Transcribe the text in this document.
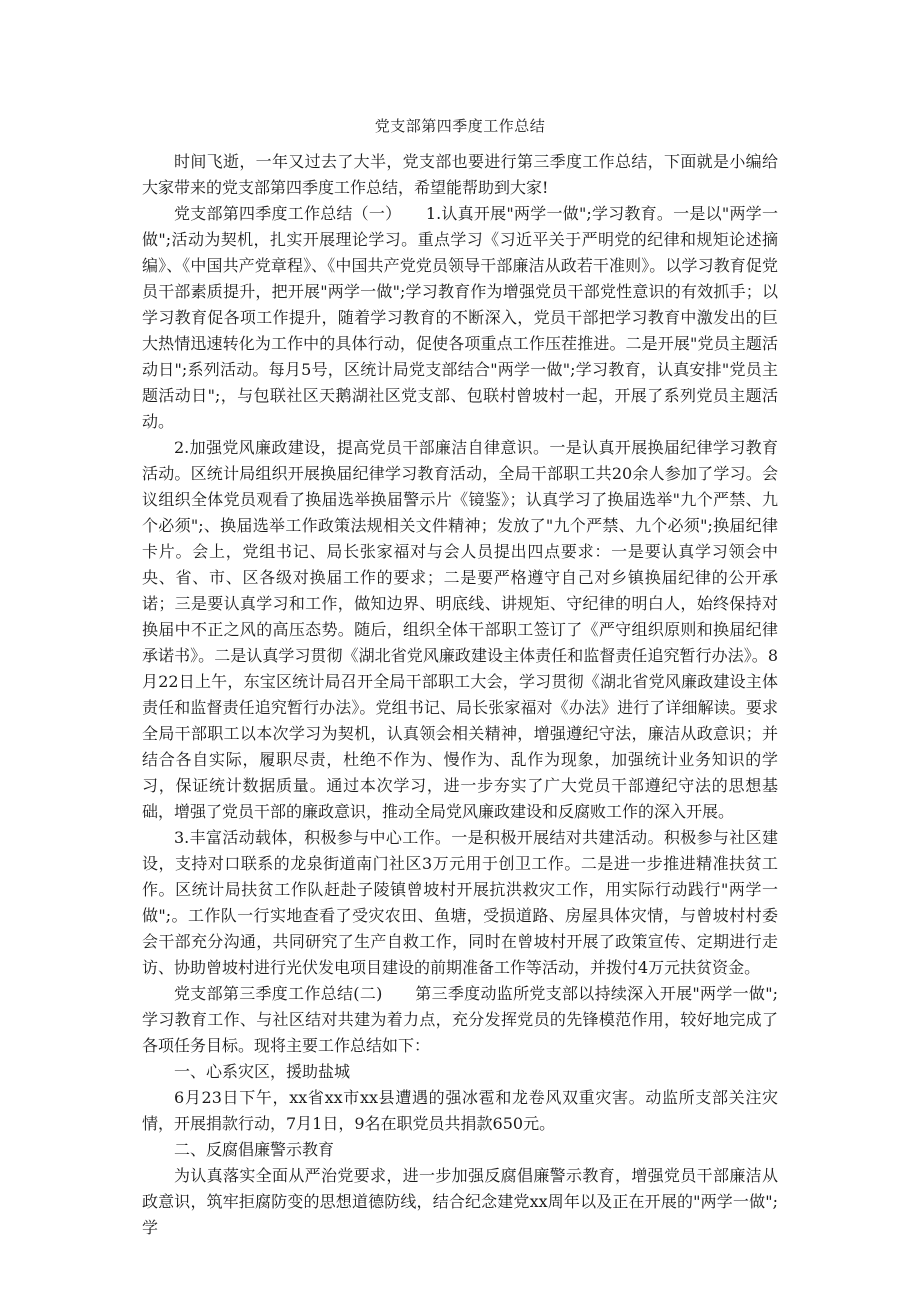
党支部第四季度工作总结

时间飞逝，一年又过去了大半，党支部也要进行第三季度工作总结，下面就是小编给大家带来的党支部第四季度工作总结，希望能帮助到大家!

党支部第四季度工作总结（一）　　1.认真开展"两学一做";学习教育。一是以"两学一做";活动为契机，扎实开展理论学习。重点学习《习近平关于严明党的纪律和规矩论述摘编》、《中国共产党章程》、《中国共产党党员领导干部廉洁从政若干准则》。以学习教育促党员干部素质提升，把开展"两学一做";学习教育作为增强党员干部党性意识的有效抓手；以学习教育促各项工作提升，随着学习教育的不断深入，党员干部把学习教育中激发出的巨大热情迅速转化为工作中的具体行动，促使各项重点工作压茬推进。二是开展"党员主题活动日";系列活动。每月5号，区统计局党支部结合"两学一做";学习教育，认真安排"党员主题活动日";，与包联社区天鹅湖社区党支部、包联村曾坡村一起，开展了系列党员主题活动。

2.加强党风廉政建设，提高党员干部廉洁自律意识。一是认真开展换届纪律学习教育活动。区统计局组织开展换届纪律学习教育活动，全局干部职工共20余人参加了学习。会议组织全体党员观看了换届选举换届警示片《镜鉴》；认真学习了换届选举"九个严禁、九个必须";、换届选举工作政策法规相关文件精神；发放了"九个严禁、九个必须";换届纪律卡片。会上，党组书记、局长张家福对与会人员提出四点要求：一是要认真学习领会中央、省、市、区各级对换届工作的要求；二是要严格遵守自己对乡镇换届纪律的公开承诺；三是要认真学习和工作，做知边界、明底线、讲规矩、守纪律的明白人，始终保持对换届中不正之风的高压态势。随后，组织全体干部职工签订了《严守组织原则和换届纪律承诺书》。二是认真学习贯彻《湖北省党风廉政建设主体责任和监督责任追究暂行办法》。8月22日上午，东宝区统计局召开全局干部职工大会，学习贯彻《湖北省党风廉政建设主体责任和监督责任追究暂行办法》。党组书记、局长张家福对《办法》进行了详细解读。要求全局干部职工以本次学习为契机，认真领会相关精神，增强遵纪守法，廉洁从政意识；并结合各自实际，履职尽责，杜绝不作为、慢作为、乱作为现象，加强统计业务知识的学习，保证统计数据质量。通过本次学习，进一步夯实了广大党员干部遵纪守法的思想基础，增强了党员干部的廉政意识，推动全局党风廉政建设和反腐败工作的深入开展。

3.丰富活动载体，积极参与中心工作。一是积极开展结对共建活动。积极参与社区建设，支持对口联系的龙泉街道南门社区3万元用于创卫工作。二是进一步推进精准扶贫工作。区统计局扶贫工作队赶赴子陵镇曾坡村开展抗洪救灾工作，用实际行动践行"两学一做";。工作队一行实地查看了受灾农田、鱼塘，受损道路、房屋具体灾情，与曾坡村村委会干部充分沟通，共同研究了生产自救工作，同时在曾坡村开展了政策宣传、定期进行走访、协助曾坡村进行光伏发电项目建设的前期准备工作等活动，并拨付4万元扶贫资金。

党支部第三季度工作总结(二)　　第三季度动监所党支部以持续深入开展"两学一做";学习教育工作、与社区结对共建为着力点，充分发挥党员的先锋模范作用，较好地完成了各项任务目标。现将主要工作总结如下：

一、心系灾区，援助盐城

6月23日下午，xx省xx市xx县遭遇的强冰雹和龙卷风双重灾害。动监所支部关注灾情，开展捐款行动，7月1日，9名在职党员共捐款650元。

二、反腐倡廉警示教育

为认真落实全面从严治党要求，进一步加强反腐倡廉警示教育，增强党员干部廉洁从政意识，筑牢拒腐防变的思想道德防线，结合纪念建党xx周年以及正在开展的"两学一做";学
